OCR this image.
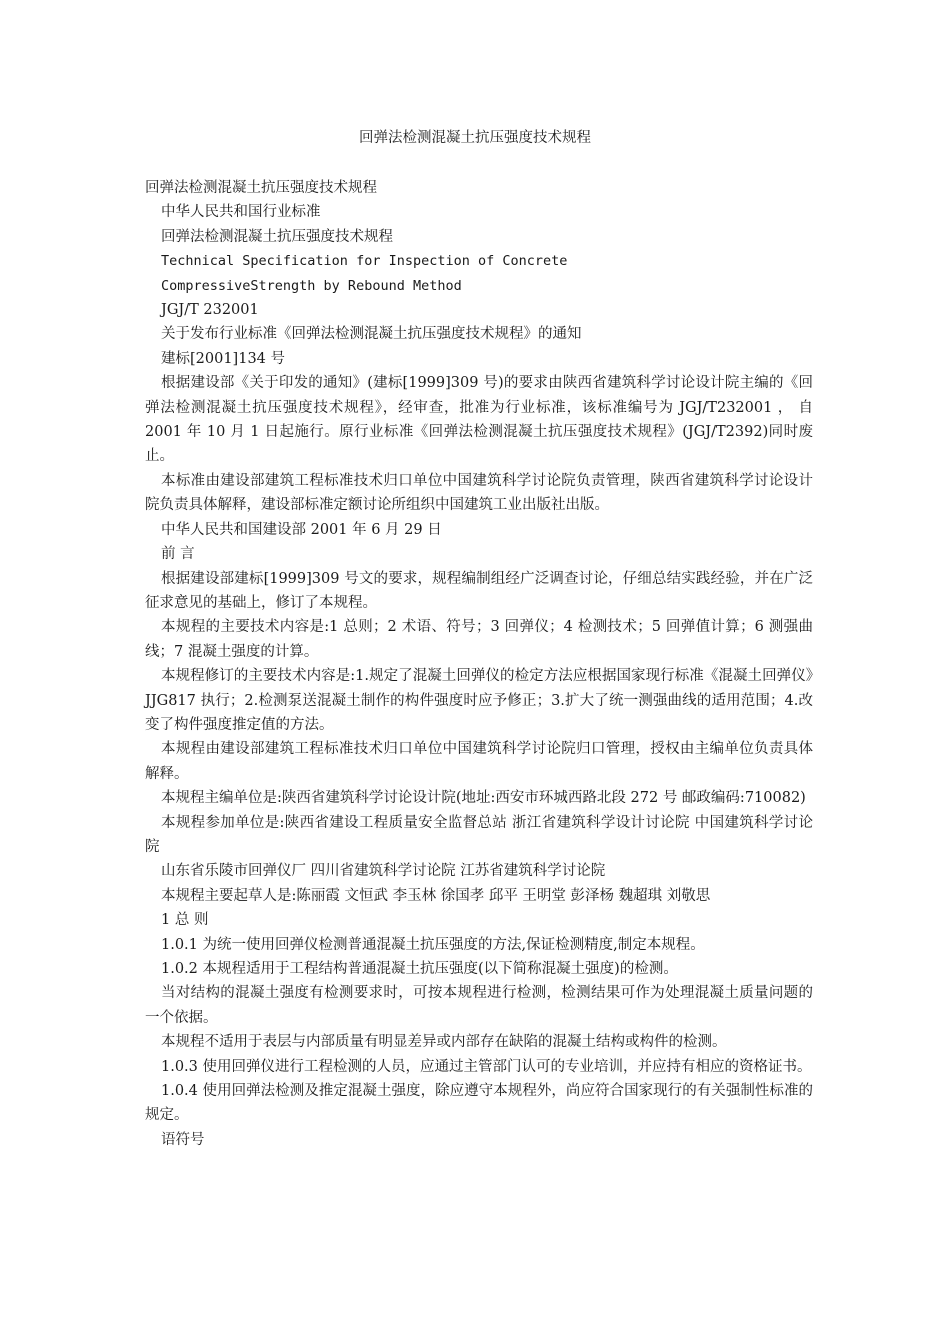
回弹法检测混凝土抗压强度技术规程

回弹法检测混凝土抗压强度技术规程

中华人民共和国行业标准

回弹法检测混凝土抗压强度技术规程

Technical Specification for Inspection of Concrete

CompressiveStrength by Rebound Method

JGJ/T 232001

关于发布行业标准《回弹法检测混凝土抗压强度技术规程》的通知

建标[2001]134 号

根据建设部《关于印发的通知》(建标[1999]309 号)的要求由陕西省建筑科学讨论设计院主编的《回弹法检测混凝土抗压强度技术规程》，经审查，批准为行业标准，该标准编号为 JGJ/T232001 ， 自 2001 年 10 月 1 日起施行。原行业标准《回弹法检测混凝土抗压强度技术规程》(JGJ/T2392)同时废止。

本标准由建设部建筑工程标准技术归口单位中国建筑科学讨论院负责管理，陕西省建筑科学讨论设计院负责具体解释，建设部标准定额讨论所组织中国建筑工业出版社出版。

中华人民共和国建设部 2001 年 6 月 29 日

前 言

根据建设部建标[1999]309 号文的要求，规程编制组经广泛调查讨论，仔细总结实践经验，并在广泛征求意见的基础上，修订了本规程。

本规程的主要技术内容是:1 总则；2 术语、符号；3 回弹仪；4 检测技术；5 回弹值计算；6 测强曲线；7 混凝土强度的计算。

本规程修订的主要技术内容是:1.规定了混凝土回弹仪的检定方法应根据国家现行标准《混凝土回弹仪》JJG817 执行；2.检测泵送混凝土制作的构件强度时应予修正；3.扩大了统一测强曲线的适用范围；4.改变了构件强度推定值的方法。

本规程由建设部建筑工程标准技术归口单位中国建筑科学讨论院归口管理，授权由主编单位负责具体解释。

本规程主编单位是:陕西省建筑科学讨论设计院(地址:西安市环城西路北段 272 号 邮政编码:710082)

本规程参加单位是:陕西省建设工程质量安全监督总站 浙江省建筑科学设计讨论院 中国建筑科学讨论院

山东省乐陵市回弹仪厂 四川省建筑科学讨论院 江苏省建筑科学讨论院

本规程主要起草人是:陈丽霞 文恒武 李玉林 徐国孝 邱平 王明堂 彭泽杨 魏超琪 刘敬思

1 总 则

1.0.1 为统一使用回弹仪检测普通混凝土抗压强度的方法,保证检测精度,制定本规程。

1.0.2 本规程适用于工程结构普通混凝土抗压强度(以下简称混凝土强度)的检测。

当对结构的混凝土强度有检测要求时，可按本规程进行检测，检测结果可作为处理混凝土质量问题的一个依据。

本规程不适用于表层与内部质量有明显差异或内部存在缺陷的混凝土结构或构件的检测。

1.0.3 使用回弹仪进行工程检测的人员，应通过主管部门认可的专业培训，并应持有相应的资格证书。

1.0.4 使用回弹法检测及推定混凝土强度，除应遵守本规程外，尚应符合国家现行的有关强制性标准的规定。

语符号
